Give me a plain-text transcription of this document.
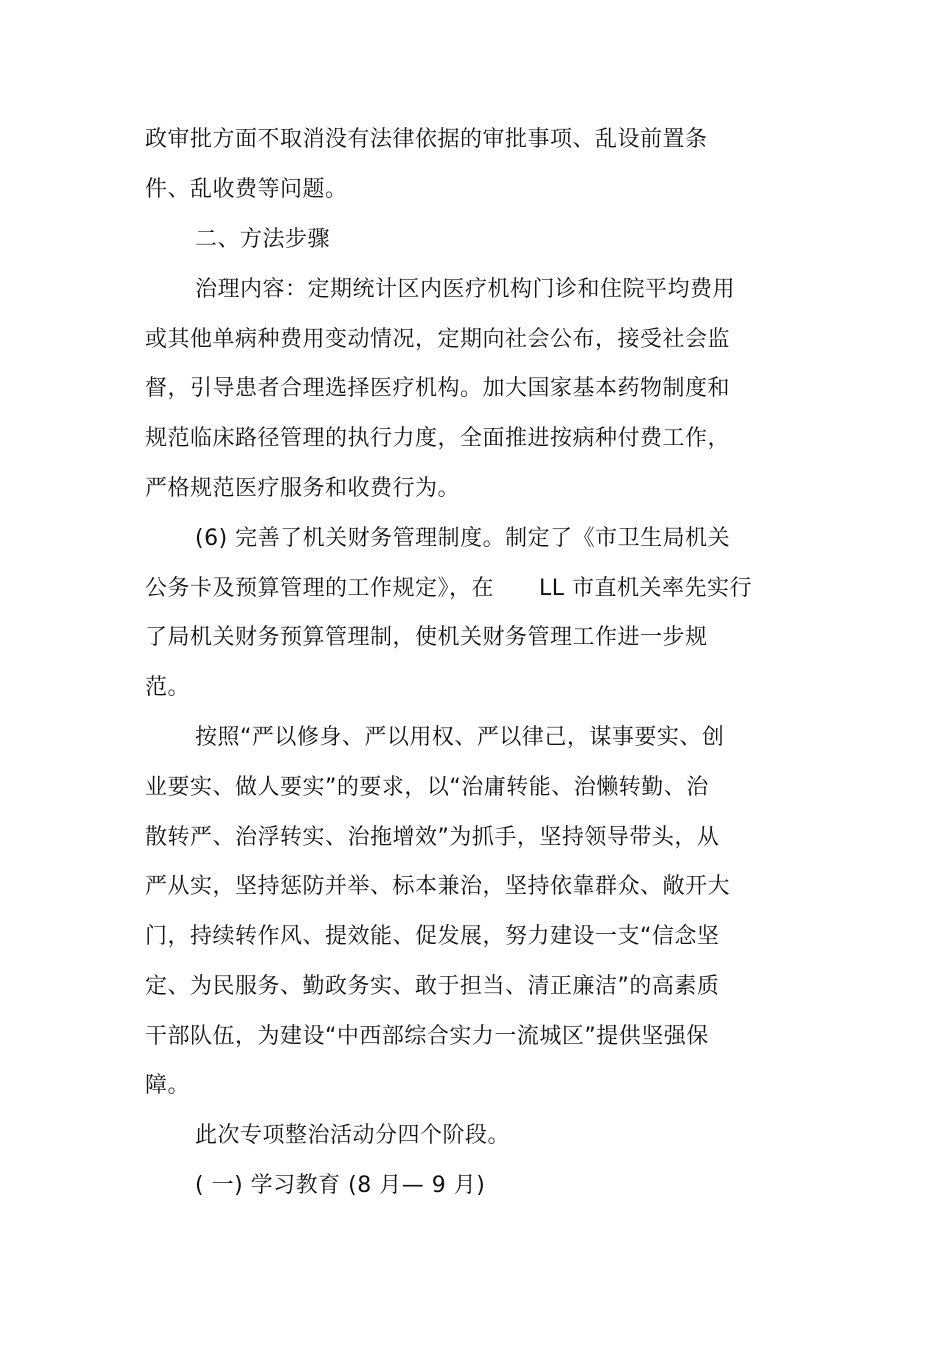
政审批方面不取消没有法律依据的审批事项、乱设前置条
件、乱收费等问题。
二、方法步骤
治理内容：定期统计区内医疗机构门诊和住院平均费用
或其他单病种费用变动情况，定期向社会公布，接受社会监
督，引导患者合理选择医疗机构。加大国家基本药物制度和
规范临床路径管理的执行力度，全面推进按病种付费工作，
严格规范医疗服务和收费行为。
(6) 完善了机关财务管理制度。制定了《市卫生局机关
公务卡及预算管理的工作规定》，在　　LL 市直机关率先实行
了局机关财务预算管理制，使机关财务管理工作进一步规
范。
按照“严以修身、严以用权、严以律己，谋事要实、创
业要实、做人要实”的要求，以“治庸转能、治懒转勤、治
散转严、治浮转实、治拖增效”为抓手，坚持领导带头，从
严从实，坚持惩防并举、标本兼治，坚持依靠群众、敞开大
门，持续转作风、提效能、促发展，努力建设一支“信念坚
定、为民服务、勤政务实、敢于担当、清正廉洁”的高素质
干部队伍，为建设“中西部综合实力一流城区”提供坚强保
障。
此次专项整治活动分四个阶段。
( 一) 学习教育 (8 月— 9 月)
